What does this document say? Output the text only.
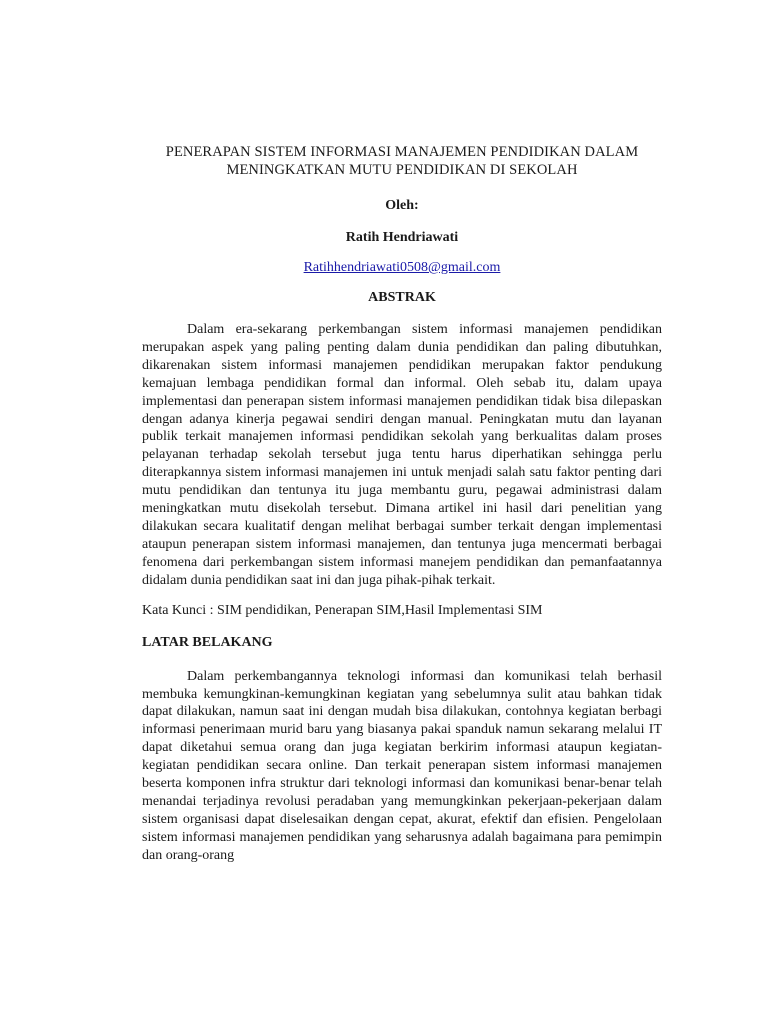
PENERAPAN SISTEM INFORMASI MANAJEMEN PENDIDIKAN DALAM
MENINGKATKAN MUTU PENDIDIKAN DI SEKOLAH

Oleh:

Ratih Hendriawati

Ratihhendriawati0508@gmail.com

ABSTRAK

Dalam era-sekarang perkembangan sistem informasi manajemen pendidikan merupakan aspek yang paling penting dalam dunia pendidikan dan paling dibutuhkan, dikarenakan sistem informasi manajemen pendidikan merupakan faktor pendukung kemajuan lembaga pendidikan formal dan informal. Oleh sebab itu, dalam upaya implementasi dan penerapan sistem informasi manajemen pendidikan tidak bisa dilepaskan dengan adanya kinerja pegawai sendiri dengan manual. Peningkatan mutu dan layanan publik terkait manajemen informasi pendidikan sekolah yang berkualitas dalam proses pelayanan terhadap sekolah tersebut juga tentu harus diperhatikan sehingga perlu diterapkannya sistem informasi manajemen ini untuk menjadi salah satu faktor penting dari mutu pendidikan dan tentunya itu juga membantu guru, pegawai administrasi dalam meningkatkan mutu disekolah tersebut. Dimana artikel ini hasil dari penelitian yang dilakukan secara kualitatif dengan melihat berbagai sumber terkait dengan implementasi ataupun penerapan sistem informasi manajemen, dan tentunya juga mencermati berbagai fenomena dari perkembangan sistem informasi manejem pendidikan dan pemanfaatannya didalam dunia pendidikan saat ini dan juga pihak-pihak terkait.

Kata Kunci : SIM pendidikan, Penerapan SIM,Hasil Implementasi SIM

LATAR BELAKANG

Dalam perkembangannya teknologi informasi dan komunikasi telah berhasil membuka kemungkinan-kemungkinan kegiatan yang sebelumnya sulit atau bahkan tidak dapat dilakukan, namun saat ini dengan mudah bisa dilakukan, contohnya kegiatan berbagi informasi penerimaan murid baru yang biasanya pakai spanduk namun sekarang melalui IT dapat diketahui semua orang dan juga kegiatan berkirim informasi ataupun kegiatan-kegiatan pendidikan secara online. Dan terkait penerapan sistem informasi manajemen beserta komponen infra struktur dari teknologi informasi dan komunikasi benar-benar telah menandai terjadinya revolusi peradaban yang memungkinkan pekerjaan-pekerjaan dalam sistem organisasi dapat diselesaikan dengan cepat, akurat, efektif dan efisien. Pengelolaan sistem informasi manajemen pendidikan yang seharusnya adalah bagaimana para pemimpin dan orang-orang
